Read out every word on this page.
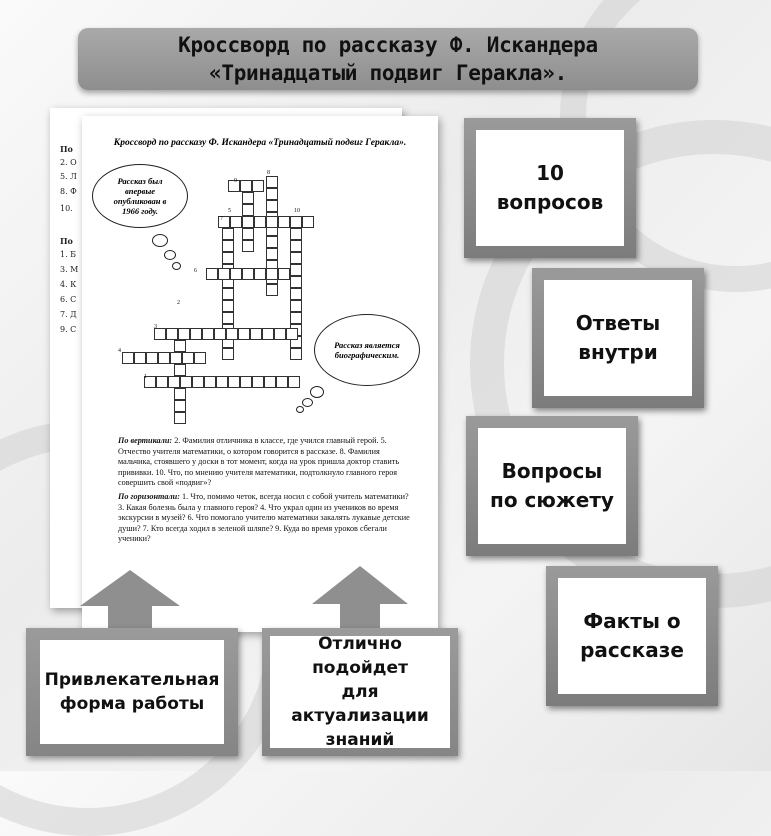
Кроссворд по рассказу Ф. Искандера «Тринадцатый подвиг Геракла».
По
2. О
5. Л
8. Ф
10.
По
1. Б
3. М
4. К
6. С
7. Д
9. С
Кроссворд по рассказу Ф. Искандера «Тринадцатый подвиг Геракла».
Рассказ был впервые опубликован в 1966 году.
Рассказ является биографическим.
1
2
3
4
5
6
7
8
9
10
По вертикали: 2. Фамилия отличника в классе, где учился главный герой. 5. Отчество учителя математики, о котором говорится в рассказе. 8. Фамилия мальчика, стоявшего у доски в тот момент, когда на урок пришла доктор ставить прививки. 10. Что, по мнению учителя математики, подтолкнуло главного героя совершить свой «подвиг»?
По горизонтали: 1. Что, помимо четок, всегда носил с собой учитель математики? 3. Какая болезнь была у главного героя? 4. Что украл один из учеников во время экскурсии в музей? 6. Что помогало учителю математики закалять лукавые детские души? 7. Кто всегда ходил в зеленой шляпе? 9. Куда во время уроков сбегали ученики?
10
вопросов
Ответы
внутри
Вопросы
по сюжету
Факты о
рассказе
Привлекательная
форма работы
Отлично подойдет
для актуализации
знаний
